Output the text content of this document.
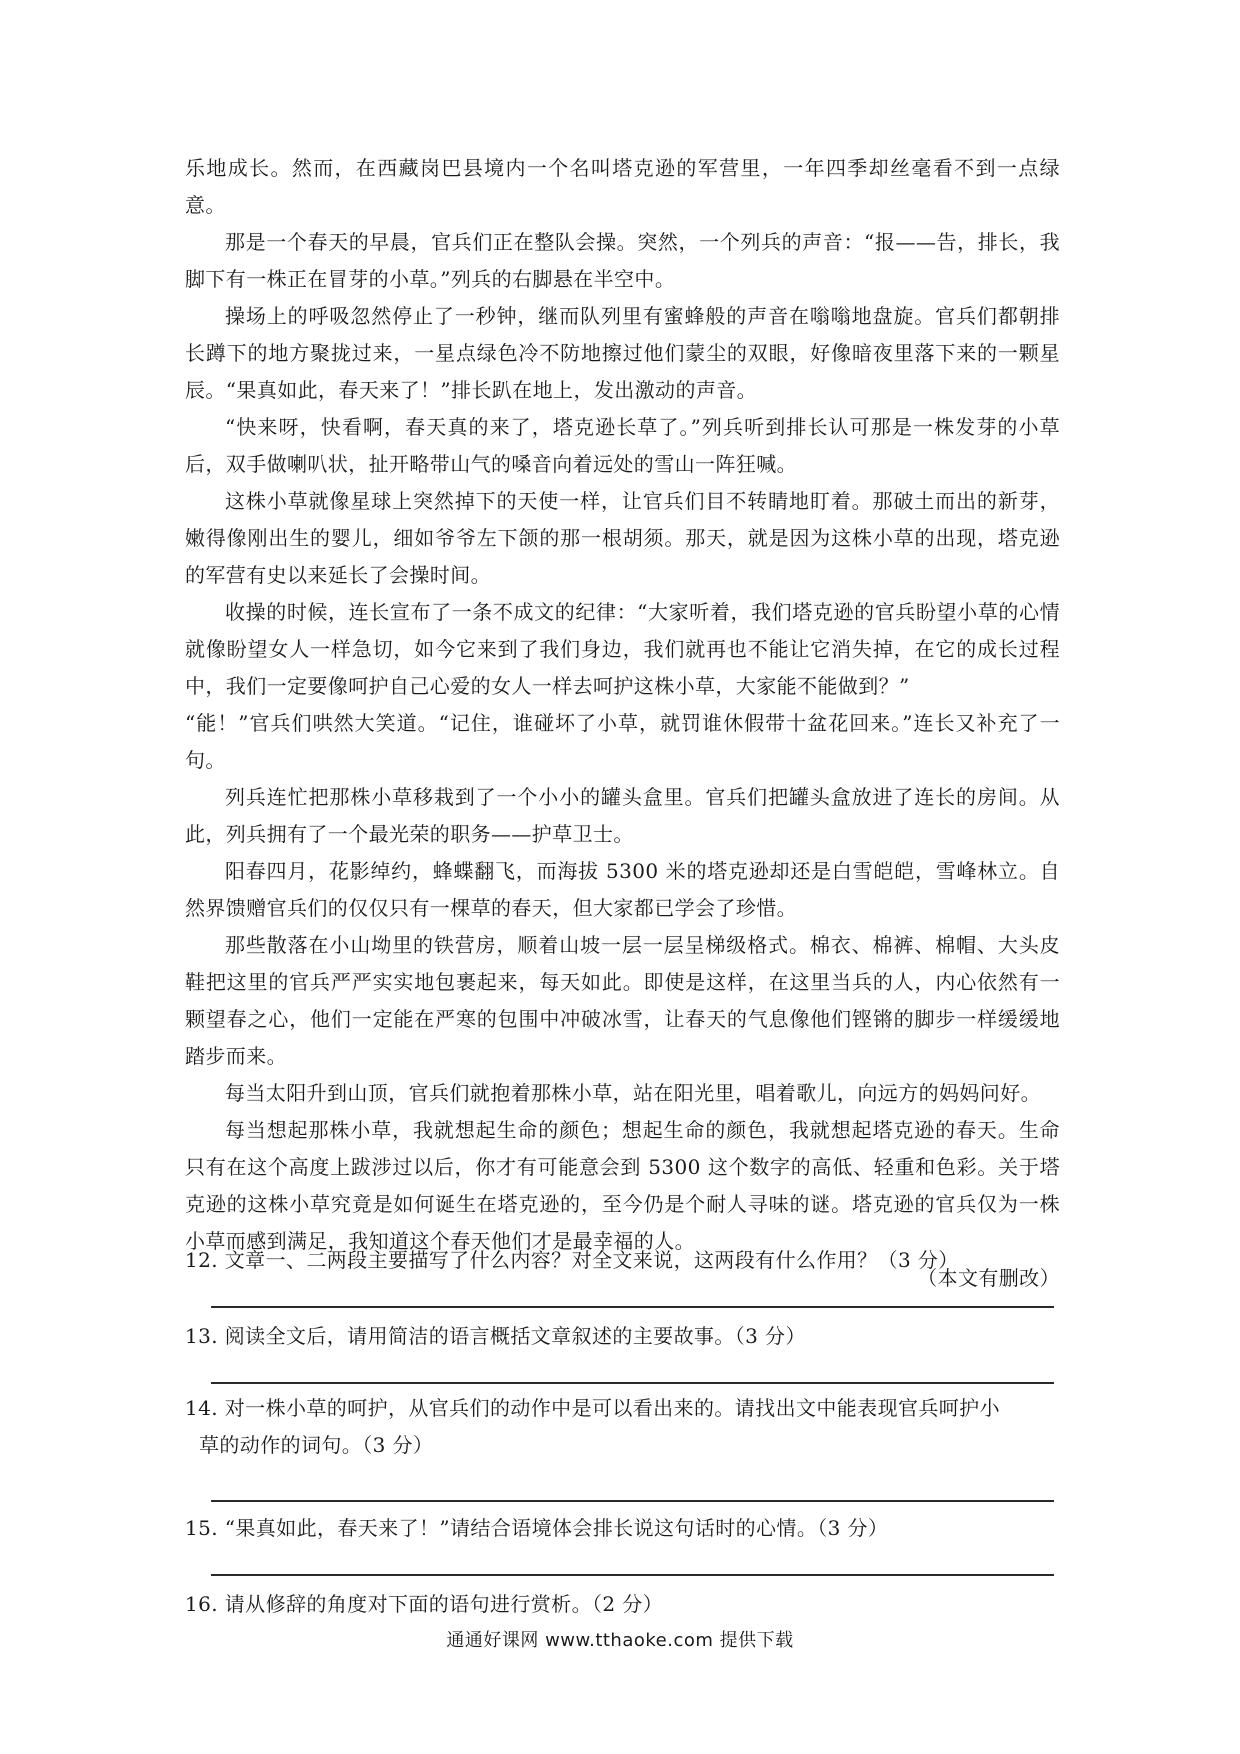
乐地成长。然而，在西藏岗巴县境内一个名叫塔克逊的军营里，一年四季却丝毫看不到一点绿意。

那是一个春天的早晨，官兵们正在整队会操。突然，一个列兵的声音：“报——告，排长，我脚下有一株正在冒芽的小草。”列兵的右脚悬在半空中。

操场上的呼吸忽然停止了一秒钟，继而队列里有蜜蜂般的声音在嗡嗡地盘旋。官兵们都朝排长蹲下的地方聚拢过来，一星点绿色冷不防地擦过他们蒙尘的双眼，好像暗夜里落下来的一颗星辰。“果真如此，春天来了！”排长趴在地上，发出激动的声音。

“快来呀，快看啊，春天真的来了，塔克逊长草了。”列兵听到排长认可那是一株发芽的小草后，双手做喇叭状，扯开略带山气的嗓音向着远处的雪山一阵狂喊。

这株小草就像星球上突然掉下的天使一样，让官兵们目不转睛地盯着。那破土而出的新芽，嫩得像刚出生的婴儿，细如爷爷左下颌的那一根胡须。那天，就是因为这株小草的出现，塔克逊的军营有史以来延长了会操时间。

收操的时候，连长宣布了一条不成文的纪律：“大家听着，我们塔克逊的官兵盼望小草的心情就像盼望女人一样急切，如今它来到了我们身边，我们就再也不能让它消失掉，在它的成长过程中，我们一定要像呵护自己心爱的女人一样去呵护这株小草，大家能不能做到？”

“能！”官兵们哄然大笑道。“记住，谁碰坏了小草，就罚谁休假带十盆花回来。”连长又补充了一句。

列兵连忙把那株小草移栽到了一个小小的罐头盒里。官兵们把罐头盒放进了连长的房间。从此，列兵拥有了一个最光荣的职务——护草卫士。

阳春四月，花影绰约，蜂蝶翻飞，而海拔 5300 米的塔克逊却还是白雪皑皑，雪峰林立。自然界馈赠官兵们的仅仅只有一棵草的春天，但大家都已学会了珍惜。

那些散落在小山坳里的铁营房，顺着山坡一层一层呈梯级格式。棉衣、棉裤、棉帽、大头皮鞋把这里的官兵严严实实地包裹起来，每天如此。即使是这样，在这里当兵的人，内心依然有一颗望春之心，他们一定能在严寒的包围中冲破冰雪，让春天的气息像他们铿锵的脚步一样缓缓地踏步而来。

每当太阳升到山顶，官兵们就抱着那株小草，站在阳光里，唱着歌儿，向远方的妈妈问好。

每当想起那株小草，我就想起生命的颜色；想起生命的颜色，我就想起塔克逊的春天。生命只有在这个高度上跋涉过以后，你才有可能意会到 5300 这个数字的高低、轻重和色彩。关于塔克逊的这株小草究竟是如何诞生在塔克逊的，至今仍是个耐人寻味的谜。塔克逊的官兵仅为一株小草而感到满足，我知道这个春天他们才是最幸福的人。

（本文有删改）

12. 文章一、二两段主要描写了什么内容？对全文来说，这两段有什么作用？（3 分）

13. 阅读全文后，请用简洁的语言概括文章叙述的主要故事。（3 分）

14. 对一株小草的呵护，从官兵们的动作中是可以看出来的。请找出文中能表现官兵呵护小
草的动作的词句。（3 分）

15. “果真如此，春天来了！”请结合语境体会排长说这句话时的心情。（3 分）

16. 请从修辞的角度对下面的语句进行赏析。（2 分）

通通好课网 www.tthaoke.com 提供下载
